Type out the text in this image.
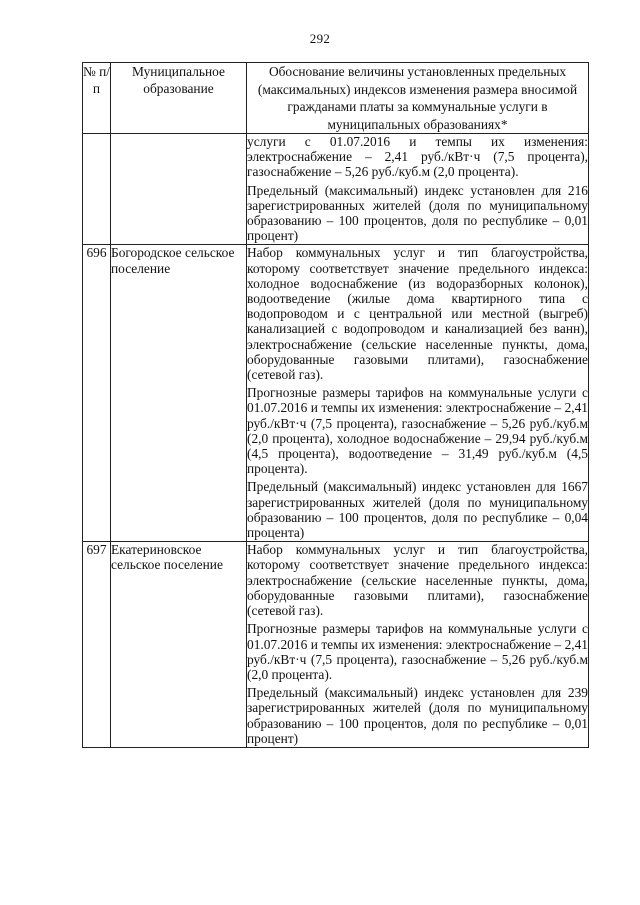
292
№ п/п	Муниципальное образование	Обоснование величины установленных предельных (максимальных) индексов изменения размера вносимой гражданами платы за коммунальные услуги в муниципальных образованиях*

		услуги с 01.07.2016 и темпы их изменения: электроснабжение – 2,41 руб./кВт·ч (7,5 процента), газоснабжение – 5,26 руб./куб.м (2,0 процента).

Предельный (максимальный) индекс установлен для 216 зарегистрированных жителей (доля по муниципальному образованию – 100 процентов, доля по республике – 0,01 процент)

696	Богородское сельское поселение	Набор коммунальных услуг и тип благоустройства, которому соответствует значение предельного индекса: холодное водоснабжение (из водоразборных колонок), водоотведение (жилые дома квартирного типа с водопроводом и с центральной или местной (выгреб) канализацией с водопроводом и канализацией без ванн), электроснабжение (сельские населенные пункты, дома, оборудованные газовыми плитами), газоснабжение (сетевой газ).

Прогнозные размеры тарифов на коммунальные услуги с 01.07.2016 и темпы их изменения: электроснабжение – 2,41 руб./кВт·ч (7,5 процента), газоснабжение – 5,26 руб./куб.м (2,0 процента), холодное водоснабжение – 29,94 руб./куб.м (4,5 процента), водоотведение – 31,49 руб./куб.м (4,5 процента).

Предельный (максимальный) индекс установлен для 1667 зарегистрированных жителей (доля по муниципальному образованию – 100 процентов, доля по республике – 0,04 процента)

697	Екатериновское сельское поселение	Набор коммунальных услуг и тип благоустройства, которому соответствует значение предельного индекса: электроснабжение (сельские населенные пункты, дома, оборудованные газовыми плитами), газоснабжение (сетевой газ).

Прогнозные размеры тарифов на коммунальные услуги с 01.07.2016 и темпы их изменения: электроснабжение – 2,41 руб./кВт·ч (7,5 процента), газоснабжение – 5,26 руб./куб.м (2,0 процента).

Предельный (максимальный) индекс установлен для 239 зарегистрированных жителей (доля по муниципальному образованию – 100 процентов, доля по республике – 0,01 процент)
